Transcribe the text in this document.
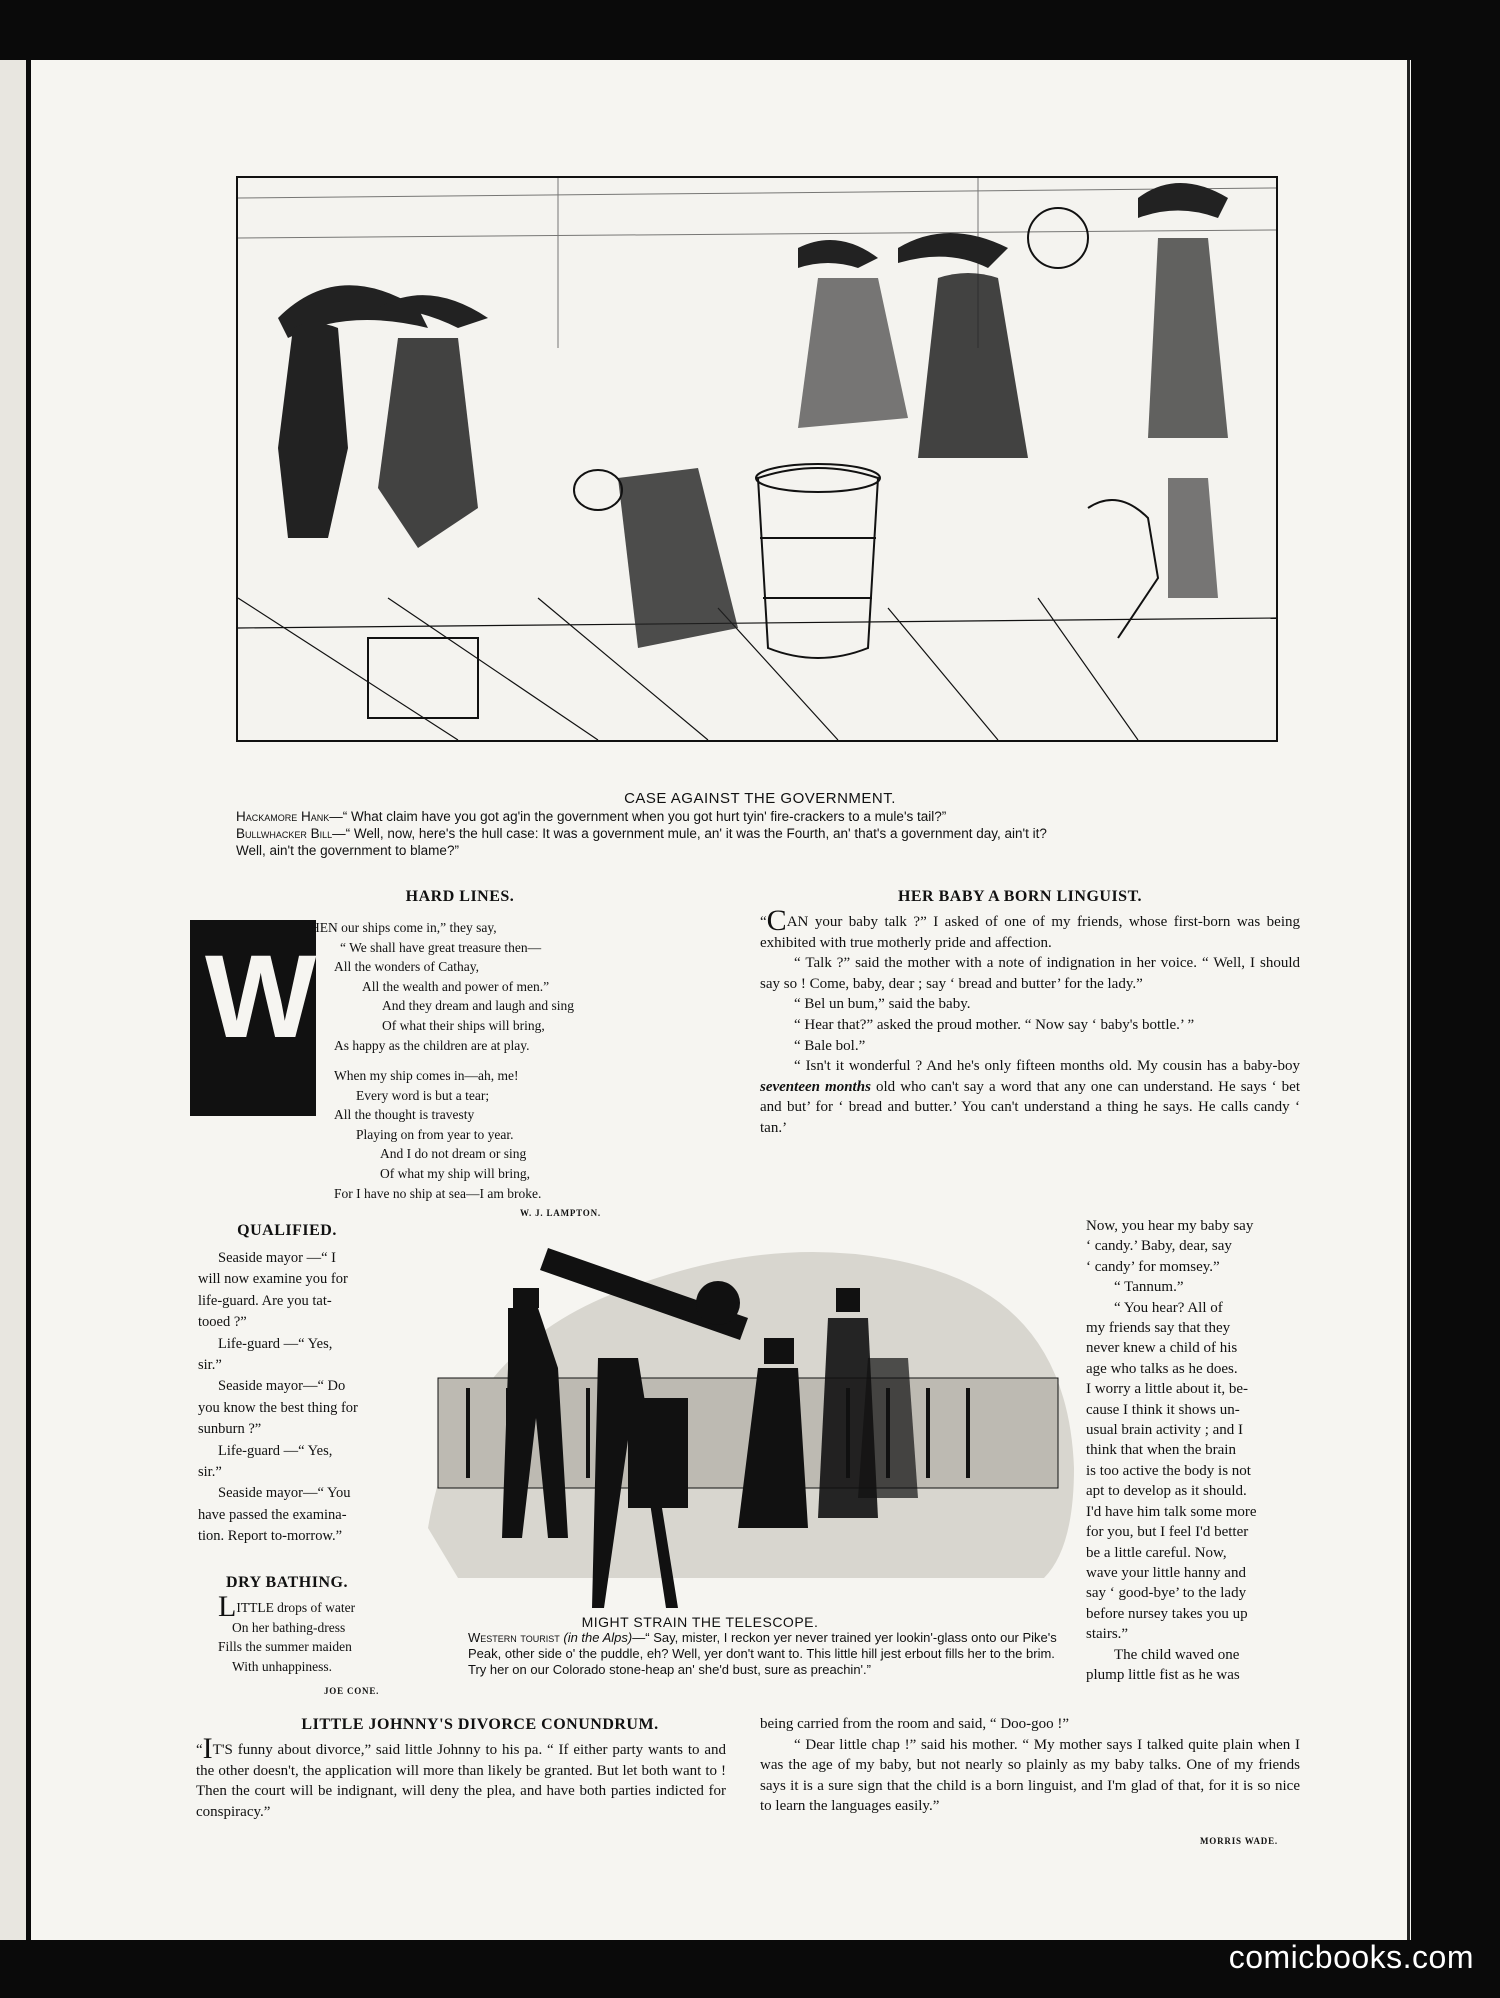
CASE AGAINST THE GOVERNMENT.
Hackamore Hank—“ What claim have you got ag'in the government when you got hurt tyin' fire-crackers to a mule's tail?”
Bullwhacker Bill—“ Well, now, here's the hull case: It was a government mule, an' it was the Fourth, an' that's a government day, ain't it?
Well, ain't the government to blame?”
HARD LINES.
W
HEN our ships come in,” they say,
“ We shall have great treasure then—
All the wonders of Cathay,
All the wealth and power of men.”
And they dream and laugh and sing
Of what their ships will bring,
As happy as the children are at play.
When my ship comes in—ah, me!
Every word is but a tear;
All the thought is travesty
Playing on from year to year.
And I do not dream or sing
Of what my ship will bring,
For I have no ship at sea—I am broke.
W. J. LAMPTON.
QUALIFIED.
Seaside mayor —“ I
will now examine you for
life-guard. Are you tat-
tooed ?”
Life-guard —“ Yes,
sir.”
Seaside mayor—“ Do
you know the best thing for
sunburn ?”
Life-guard —“ Yes,
sir.”
Seaside mayor—“ You
have passed the examina-
tion. Report to-morrow.”
DRY BATHING.
LITTLE drops of water
On her bathing-dress
Fills the summer maiden
With unhappiness.
JOE CONE.
MIGHT STRAIN THE TELESCOPE.
Western tourist (in the Alps)—“ Say, mister, I reckon yer never trained yer lookin'-glass onto our Pike's Peak, other side o' the puddle, eh? Well, yer don't want to. This little hill jest erbout fills her to the brim. Try her on our Colorado stone-heap an' she'd bust, sure as preachin'.”
HER BABY A BORN LINGUIST.

“CAN your baby talk ?” I asked of one of my friends, whose first-born was being exhibited with true motherly pride and affection.

“ Talk ?” said the mother with a note of indignation in her voice. “ Well, I should say so ! Come, baby, dear ; say ‘ bread and butter’ for the lady.”

“ Bel un bum,” said the baby.

“ Hear that?” asked the proud mother. “ Now say ‘ baby's bottle.’ ”

“ Bale bol.”

“ Isn't it wonderful ? And he's only fifteen months old. My cousin has a baby-boy seventeen months old who can't say a word that any one can understand. He says ‘ bet and but’ for ‘ bread and butter.’ You can't understand a thing he says. He calls candy ‘ tan.’

Now, you hear my baby say
‘ candy.’ Baby, dear, say
‘ candy’ for momsey.”
“ Tannum.”
“ You hear? All of
my friends say that they
never knew a child of his
age who talks as he does.
I worry a little about it, be-
cause I think it shows un-
usual brain activity ; and I
think that when the brain
is too active the body is not
apt to develop as it should.
I'd have him talk some more
for you, but I feel I'd better
be a little careful. Now,
wave your little hanny and
say ‘ good-bye’ to the lady
before nursey takes you up
stairs.”
The child waved one
plump little fist as he was

being carried from the room and said, “ Doo-goo !”

“ Dear little chap !” said his mother. “ My mother says I talked quite plain when I was the age of my baby, but not nearly so plainly as my baby talks. One of my friends says it is a sure sign that the child is a born linguist, and I'm glad of that, for it is so nice to learn the languages easily.”

MORRIS WADE.
LITTLE JOHNNY'S DIVORCE CONUNDRUM.

“IT'S funny about divorce,” said little Johnny to his pa. “ If either party wants to and the other doesn't, the application will more than likely be granted. But let both want to ! Then the court will be indignant, will deny the plea, and have both parties indicted for conspiracy.”

comicbooks.com
